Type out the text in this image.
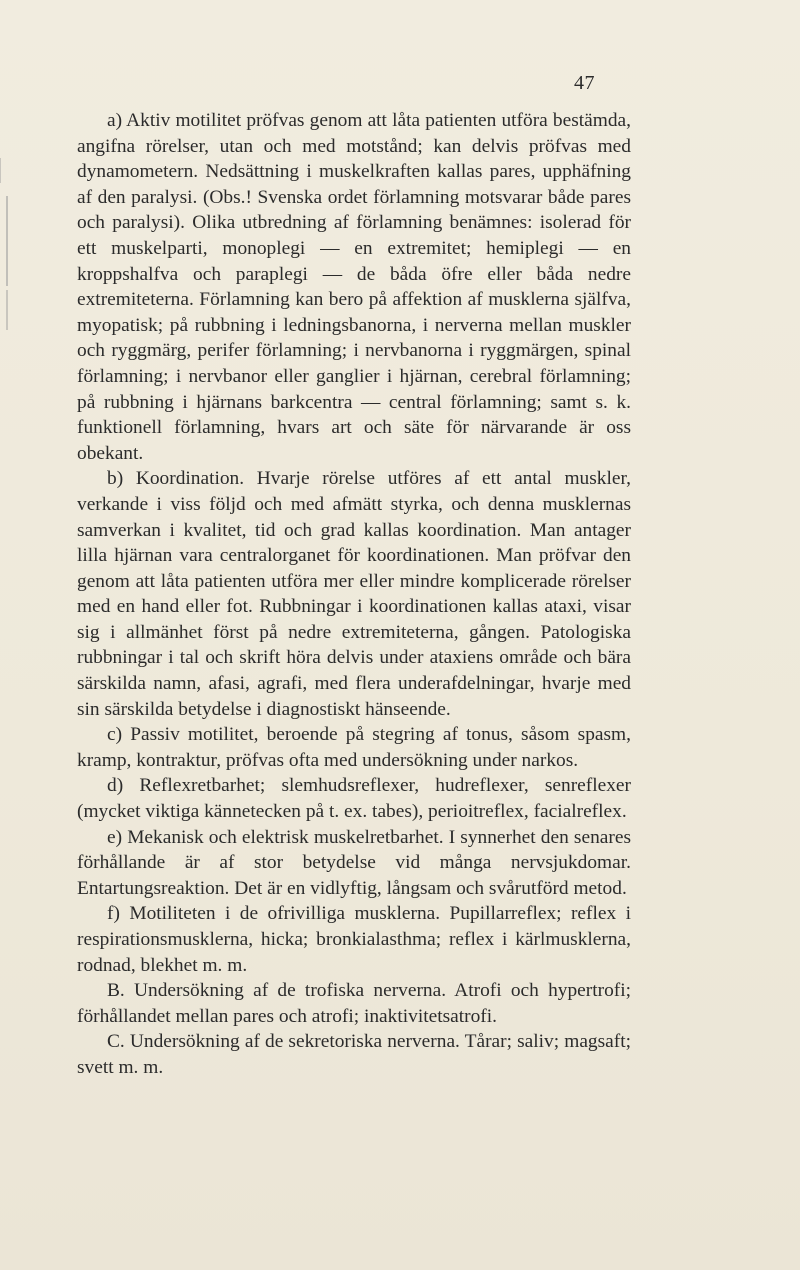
47

a) Aktiv motilitet pröfvas genom att låta patienten utföra bestämda, angifna rörelser, utan och med motstånd; kan delvis pröfvas med dynamometern. Nedsättning i muskelkraften kallas pares, upphäfning af den paralysi. (Obs.! Svenska ordet förlamning motsvarar både pares och paralysi). Olika utbredning af förlamning benämnes: isolerad för ett muskelparti, monoplegi — en extremitet; hemiplegi — en kroppshalfva och paraplegi — de båda öfre eller båda nedre extremiteterna. Förlamning kan bero på affektion af musklerna själfva, myopatisk; på rubbning i ledningsbanorna, i nerverna mellan muskler och ryggmärg, perifer förlamning; i nervbanorna i ryggmärgen, spinal förlamning; i nervbanor eller ganglier i hjärnan, cerebral förlamning; på rubbning i hjärnans barkcentra — central förlamning; samt s. k. funktionell förlamning, hvars art och säte för närvarande är oss obekant.

b) Koordination. Hvarje rörelse utföres af ett antal muskler, verkande i viss följd och med afmätt styrka, och denna musklernas samverkan i kvalitet, tid och grad kallas koordination. Man antager lilla hjärnan vara centralorganet för koordinationen. Man pröfvar den genom att låta patienten utföra mer eller mindre komplicerade rörelser med en hand eller fot. Rubbningar i koordinationen kallas ataxi, visar sig i allmänhet först på nedre extremiteterna, gången. Patologiska rubbningar i tal och skrift höra delvis under ataxiens område och bära särskilda namn, afasi, agrafi, med flera underafdelningar, hvarje med sin särskilda betydelse i diagnostiskt hänseende.

c) Passiv motilitet, beroende på stegring af tonus, såsom spasm, kramp, kontraktur, pröfvas ofta med undersökning under narkos.

d) Reflexretbarhet; slemhudsreflexer, hudreflexer, senreflexer (mycket viktiga kännetecken på t. ex. tabes), perioitreflex, facialreflex.

e) Mekanisk och elektrisk muskelretbarhet. I synnerhet den senares förhållande är af stor betydelse vid många nervsjukdomar. Entartungsreaktion. Det är en vidlyftig, långsam och svårutförd metod.

f) Motiliteten i de ofrivilliga musklerna. Pupillarreflex; reflex i respirationsmusklerna, hicka; bronkialasthma; reflex i kärlmusklerna, rodnad, blekhet m. m.

B. Undersökning af de trofiska nerverna. Atrofi och hypertrofi; förhållandet mellan pares och atrofi; inaktivitetsatrofi.

C. Undersökning af de sekretoriska nerverna. Tårar; saliv; magsaft; svett m. m.
